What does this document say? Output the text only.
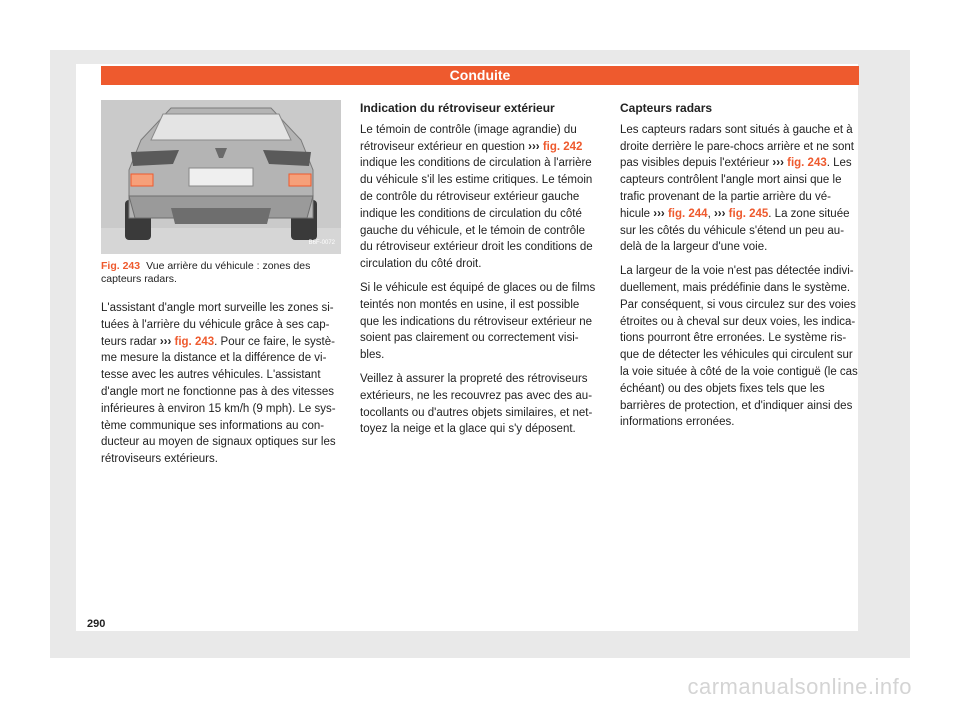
Conduite
B6F-0072
Fig. 243 Vue arrière du véhicule : zones des capteurs radars.

L'assistant d'angle mort surveille les zones si-tuées à l'arrière du véhicule grâce à ses cap-teurs radar ››› fig. 243. Pour ce faire, le systè-me mesure la distance et la différence de vi-tesse avec les autres véhicules. L'assistant d'angle mort ne fonctionne pas à des vitesses inférieures à environ 15 km/h (9 mph). Le sys-tème communique ses informations au con-ducteur au moyen de signaux optiques sur les rétroviseurs extérieurs.

Indication du rétroviseur extérieur

Le témoin de contrôle (image agrandie) du rétroviseur extérieur en question ››› fig. 242 indique les conditions de circulation à l'arrière du véhicule s'il les estime critiques. Le témoin de contrôle du rétroviseur extérieur gauche indique les conditions de circulation du côté gauche du véhicule, et le témoin de contrôle du rétroviseur extérieur droit les conditions de circulation du côté droit.

Si le véhicule est équipé de glaces ou de films teintés non montés en usine, il est possible que les indications du rétroviseur extérieur ne soient pas clairement ou correctement visi-bles.

Veillez à assurer la propreté des rétroviseurs extérieurs, ne les recouvrez pas avec des au-tocollants ou d'autres objets similaires, et net-toyez la neige et la glace qui s'y déposent.

Capteurs radars

Les capteurs radars sont situés à gauche et à droite derrière le pare-chocs arrière et ne sont pas visibles depuis l'extérieur ››› fig. 243. Les capteurs contrôlent l'angle mort ainsi que le trafic provenant de la partie arrière du vé-hicule ››› fig. 244, ››› fig. 245. La zone située sur les côtés du véhicule s'étend un peu au-delà de la largeur d'une voie.

La largeur de la voie n'est pas détectée indivi-duellement, mais prédéfinie dans le système. Par conséquent, si vous circulez sur des voies étroites ou à cheval sur deux voies, les indica-tions pourront être erronées. Le système ris-que de détecter les véhicules qui circulent sur la voie située à côté de la voie contiguë (le cas échéant) ou des objets fixes tels que les barrières de protection, et d'indiquer ainsi des informations erronées.

290
carmanualsonline.info
